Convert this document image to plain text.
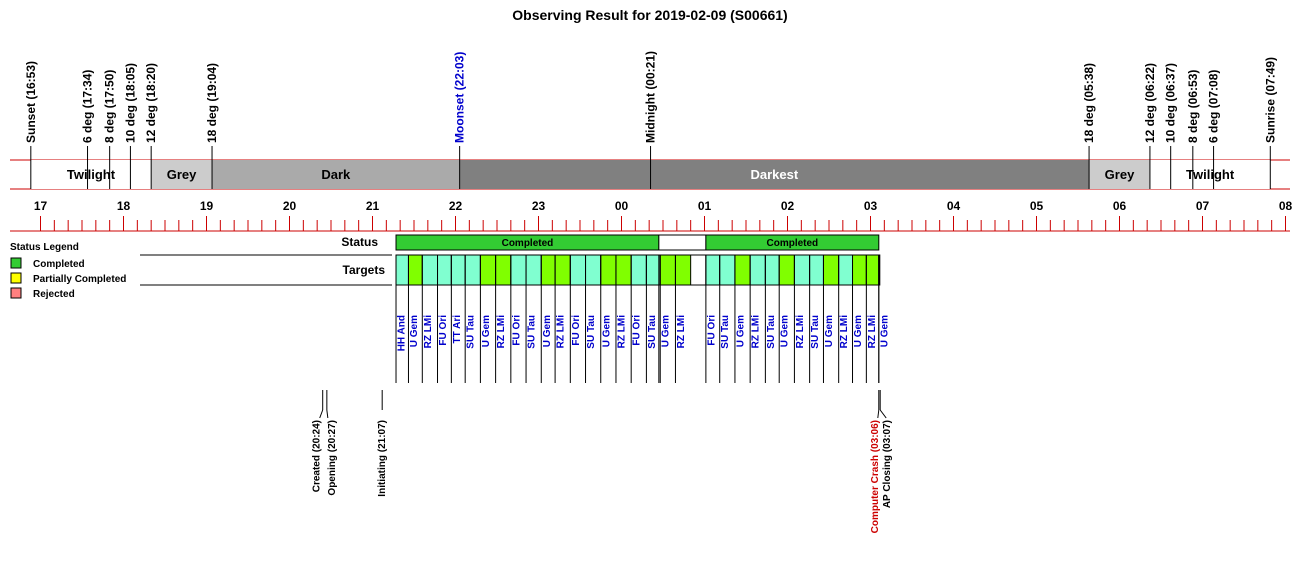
Observing Result for 2019-02-09 (S00661)
17	18	19	20	21	22	23	00	01	02	03	04	05	06	07	08
Twilight	Grey	Dark	Darkest	Grey	Twilight
Sunset (16:53)	6 deg (17:34) 8 deg (17:50) 10 deg (18:05) 12 deg (18:20)	18 deg (19:04)	Moonset (22:03)	Midnight (00:21)	18 deg (05:38)	12 deg (06:22) 10 deg (06:37) 8 deg (06:53) 6 deg (07:08)	Sunrise (07:49)
Status Legend
Completed
Partially Completed
Rejected
Status	Completed	Completed
Targets
HH And U Gem RZ LMi FU Ori TT Ari SU Tau U Gem RZ LMi FU Ori SU Tau U Gem RZ LMi FU Ori SU Tau U Gem RZ LMi FU Ori SU Tau U Gem RZ LMi FU Ori SU Tau U Gem RZ LMi SU Tau U Gem RZ LMi SU Tau U Gem RZ LMi U Gem RZ LMi U Gem
Created (20:24) Opening (20:27)	Initiating (21:07)	Computer Crash (03:06) AP Closing (03:07)
